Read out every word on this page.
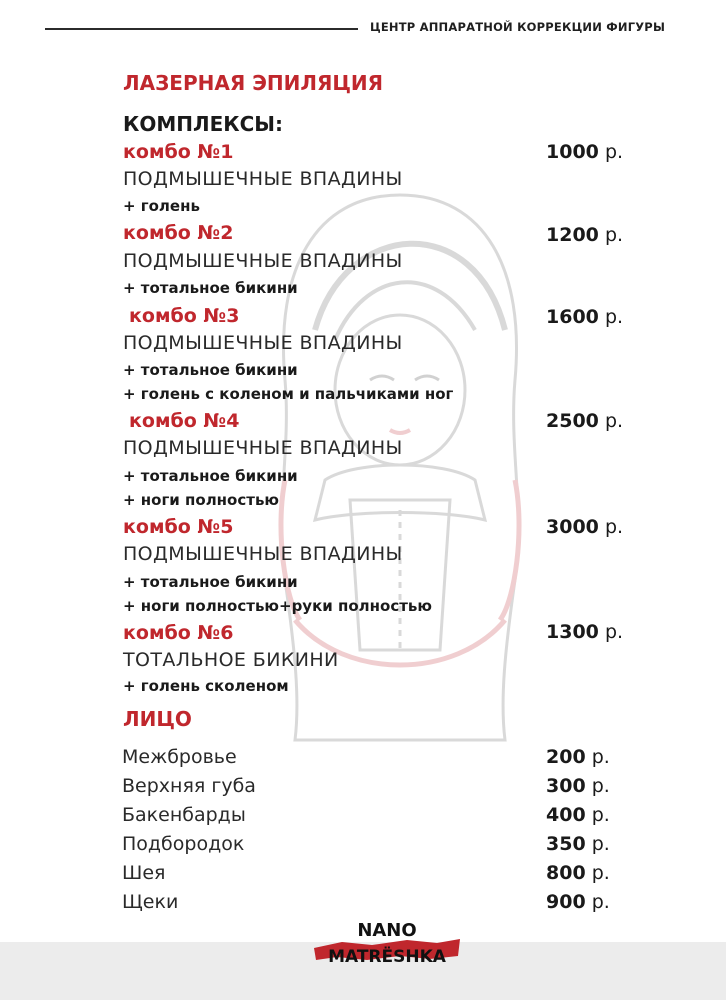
ЦЕНТР АППАРАТНОЙ КОРРЕКЦИИ ФИГУРЫ
ЛАЗЕРНАЯ ЭПИЛЯЦИЯ
КОМПЛЕКСЫ:
комбо №1	1000 р.
ПОДМЫШЕЧНЫЕ ВПАДИНЫ
+ голень
комбо №2	1200 р.
ПОДМЫШЕЧНЫЕ ВПАДИНЫ
+ тотальное бикини
комбо №3	1600 р.
ПОДМЫШЕЧНЫЕ ВПАДИНЫ
+ тотальное бикини
+ голень с коленом и пальчиками ног
комбо №4	2500 р.
ПОДМЫШЕЧНЫЕ ВПАДИНЫ
+ тотальное бикини
+ ноги полностью
комбо №5	3000 р.
ПОДМЫШЕЧНЫЕ ВПАДИНЫ
+ тотальное бикини
+ ноги полностью+руки полностью
комбо №6	1300 р.
ТОТАЛЬНОЕ БИКИНИ
+ голень сколеном
ЛИЦО
Межбровье	200 р.
Верхняя губа	300 р.
Бакенбарды	400 р.
Подбородок	350 р.
Шея	800 р.
Щеки	900 р.
NANO
MATRËSHKA
